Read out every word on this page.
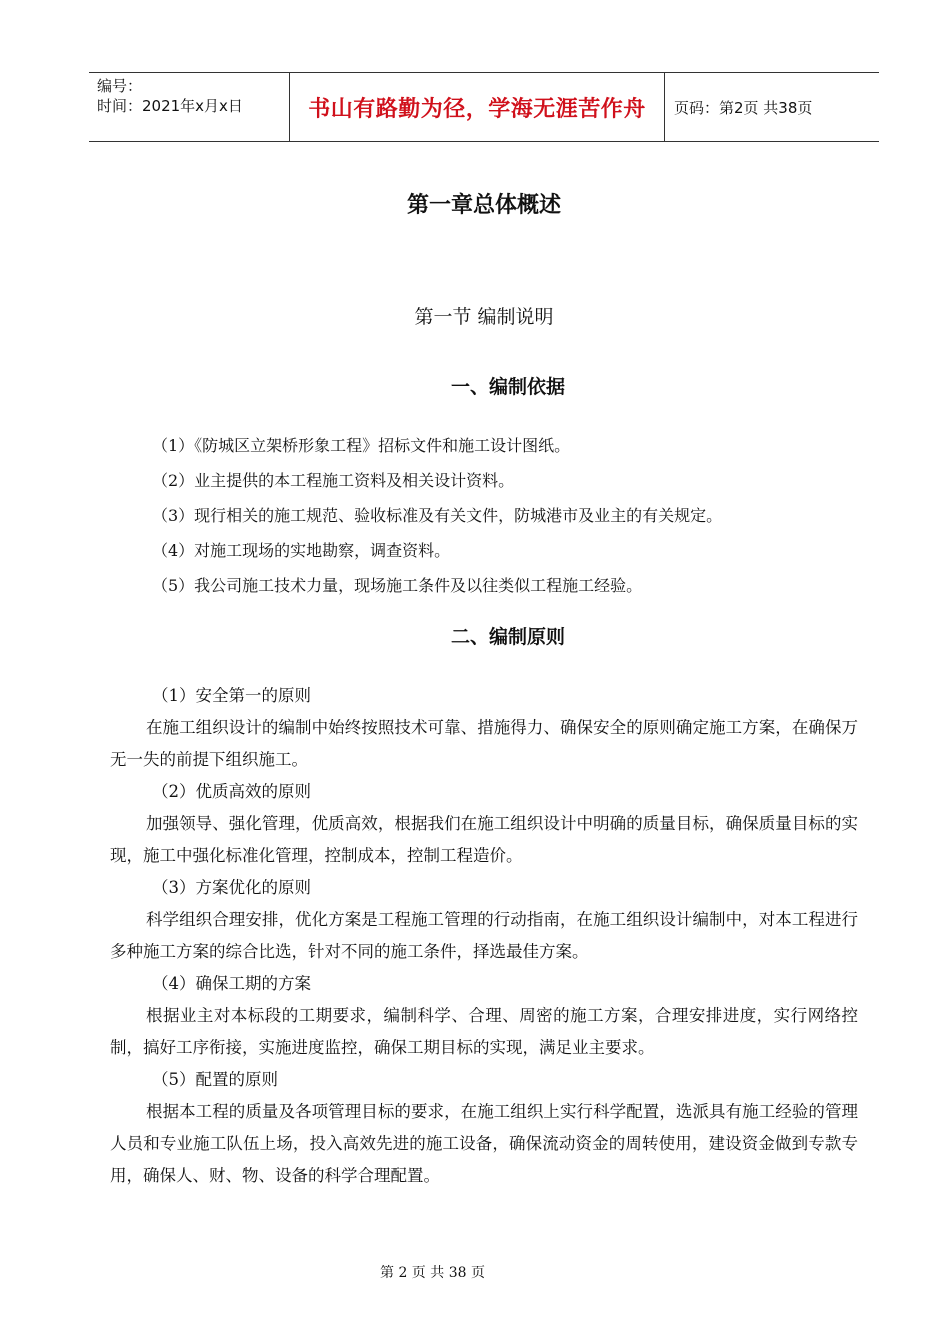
编号：
时间：2021年x月x日	书山有路勤为径，学海无涯苦作舟	页码：第2页 共38页
第一章总体概述
第一节 编制说明
一、编制依据
（1）《防城区立架桥形象工程》招标文件和施工设计图纸。
（2）业主提供的本工程施工资料及相关设计资料。
（3）现行相关的施工规范、验收标准及有关文件，防城港市及业主的有关规定。
（4）对施工现场的实地勘察，调查资料。
（5）我公司施工技术力量，现场施工条件及以往类似工程施工经验。
二、编制原则
（1）安全第一的原则
在施工组织设计的编制中始终按照技术可靠、措施得力、确保安全的原则确定施工方案，在确保万无一失的前提下组织施工。
（2）优质高效的原则
加强领导、强化管理，优质高效，根据我们在施工组织设计中明确的质量目标，确保质量目标的实现，施工中强化标准化管理，控制成本，控制工程造价。
（3）方案优化的原则
科学组织合理安排，优化方案是工程施工管理的行动指南，在施工组织设计编制中，对本工程进行多种施工方案的综合比选，针对不同的施工条件，择选最佳方案。
（4）确保工期的方案
根据业主对本标段的工期要求，编制科学、合理、周密的施工方案，合理安排进度，实行网络控制，搞好工序衔接，实施进度监控，确保工期目标的实现，满足业主要求。
（5）配置的原则
根据本工程的质量及各项管理目标的要求，在施工组织上实行科学配置，选派具有施工经验的管理人员和专业施工队伍上场，投入高效先进的施工设备，确保流动资金的周转使用，建设资金做到专款专用，确保人、财、物、设备的科学合理配置。
第 2 页 共 38 页
